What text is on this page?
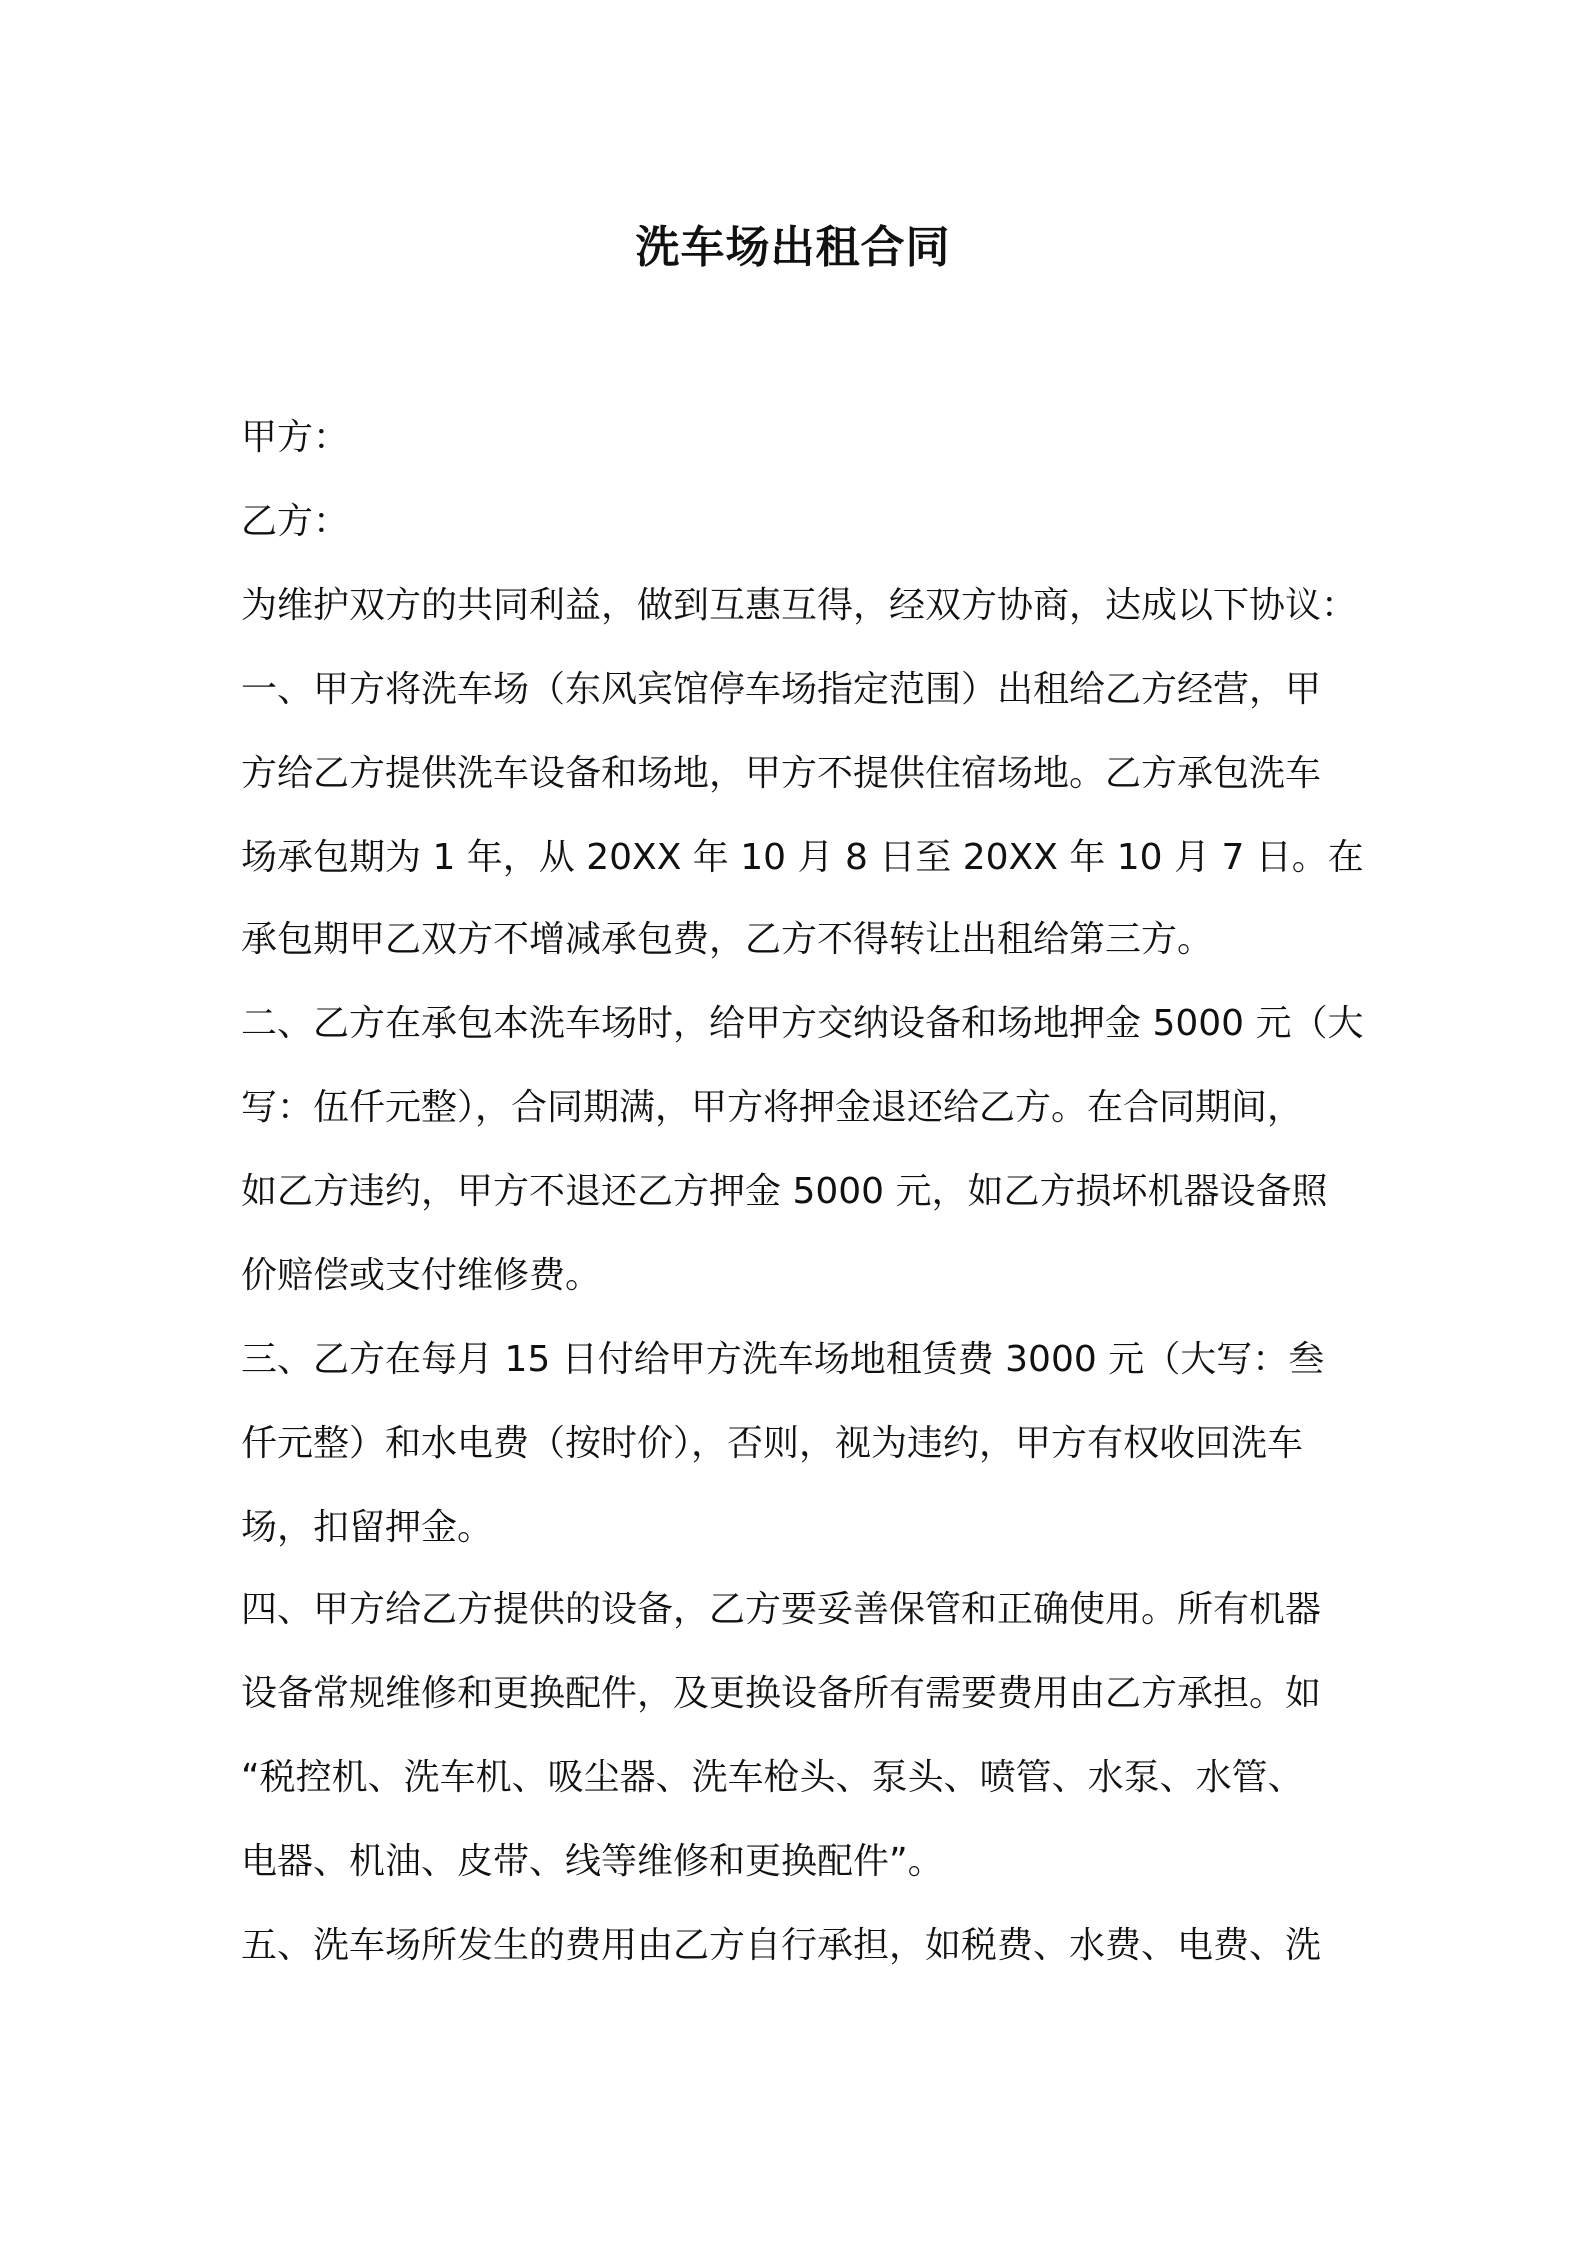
洗车场出租合同

甲方：

乙方：

为维护双方的共同利益，做到互惠互得，经双方协商，达成以下协议：

一、甲方将洗车场（东风宾馆停车场指定范围）出租给乙方经营，甲

方给乙方提供洗车设备和场地，甲方不提供住宿场地。乙方承包洗车

场承包期为 1 年，从 20XX 年 10 月 8 日至 20XX 年 10 月 7 日。在

承包期甲乙双方不增减承包费，乙方不得转让出租给第三方。

二、乙方在承包本洗车场时，给甲方交纳设备和场地押金 5000 元（大

写：伍仟元整），合同期满，甲方将押金退还给乙方。在合同期间，

如乙方违约，甲方不退还乙方押金 5000 元，如乙方损坏机器设备照

价赔偿或支付维修费。

三、乙方在每月 15 日付给甲方洗车场地租赁费 3000 元（大写：叁

仟元整）和水电费（按时价），否则，视为违约，甲方有权收回洗车

场，扣留押金。

四、甲方给乙方提供的设备，乙方要妥善保管和正确使用。所有机器

设备常规维修和更换配件，及更换设备所有需要费用由乙方承担。如

“税控机、洗车机、吸尘器、洗车枪头、泵头、喷管、水泵、水管、

电器、机油、皮带、线等维修和更换配件”。

五、洗车场所发生的费用由乙方自行承担，如税费、水费、电费、洗
